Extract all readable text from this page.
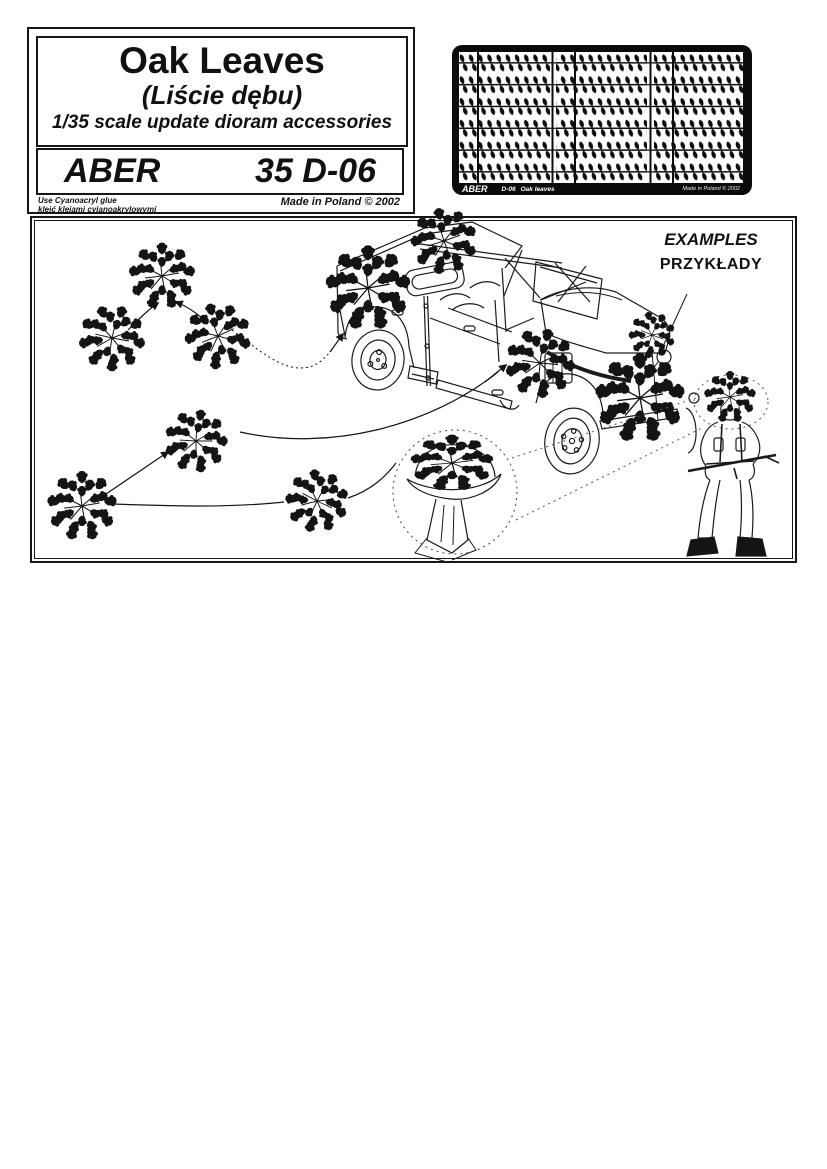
Oak Leaves
(Liście dębu)
1/35 scale update dioram accessories
ABER	35 D-06
Use Cyanoacryl glue
kleić klejami cyjanoakrylowymi
Made in Poland © 2002
ABER D-06 Oak leaves	Made in Poland © 2002
EXAMPLES
PRZYKŁADY
